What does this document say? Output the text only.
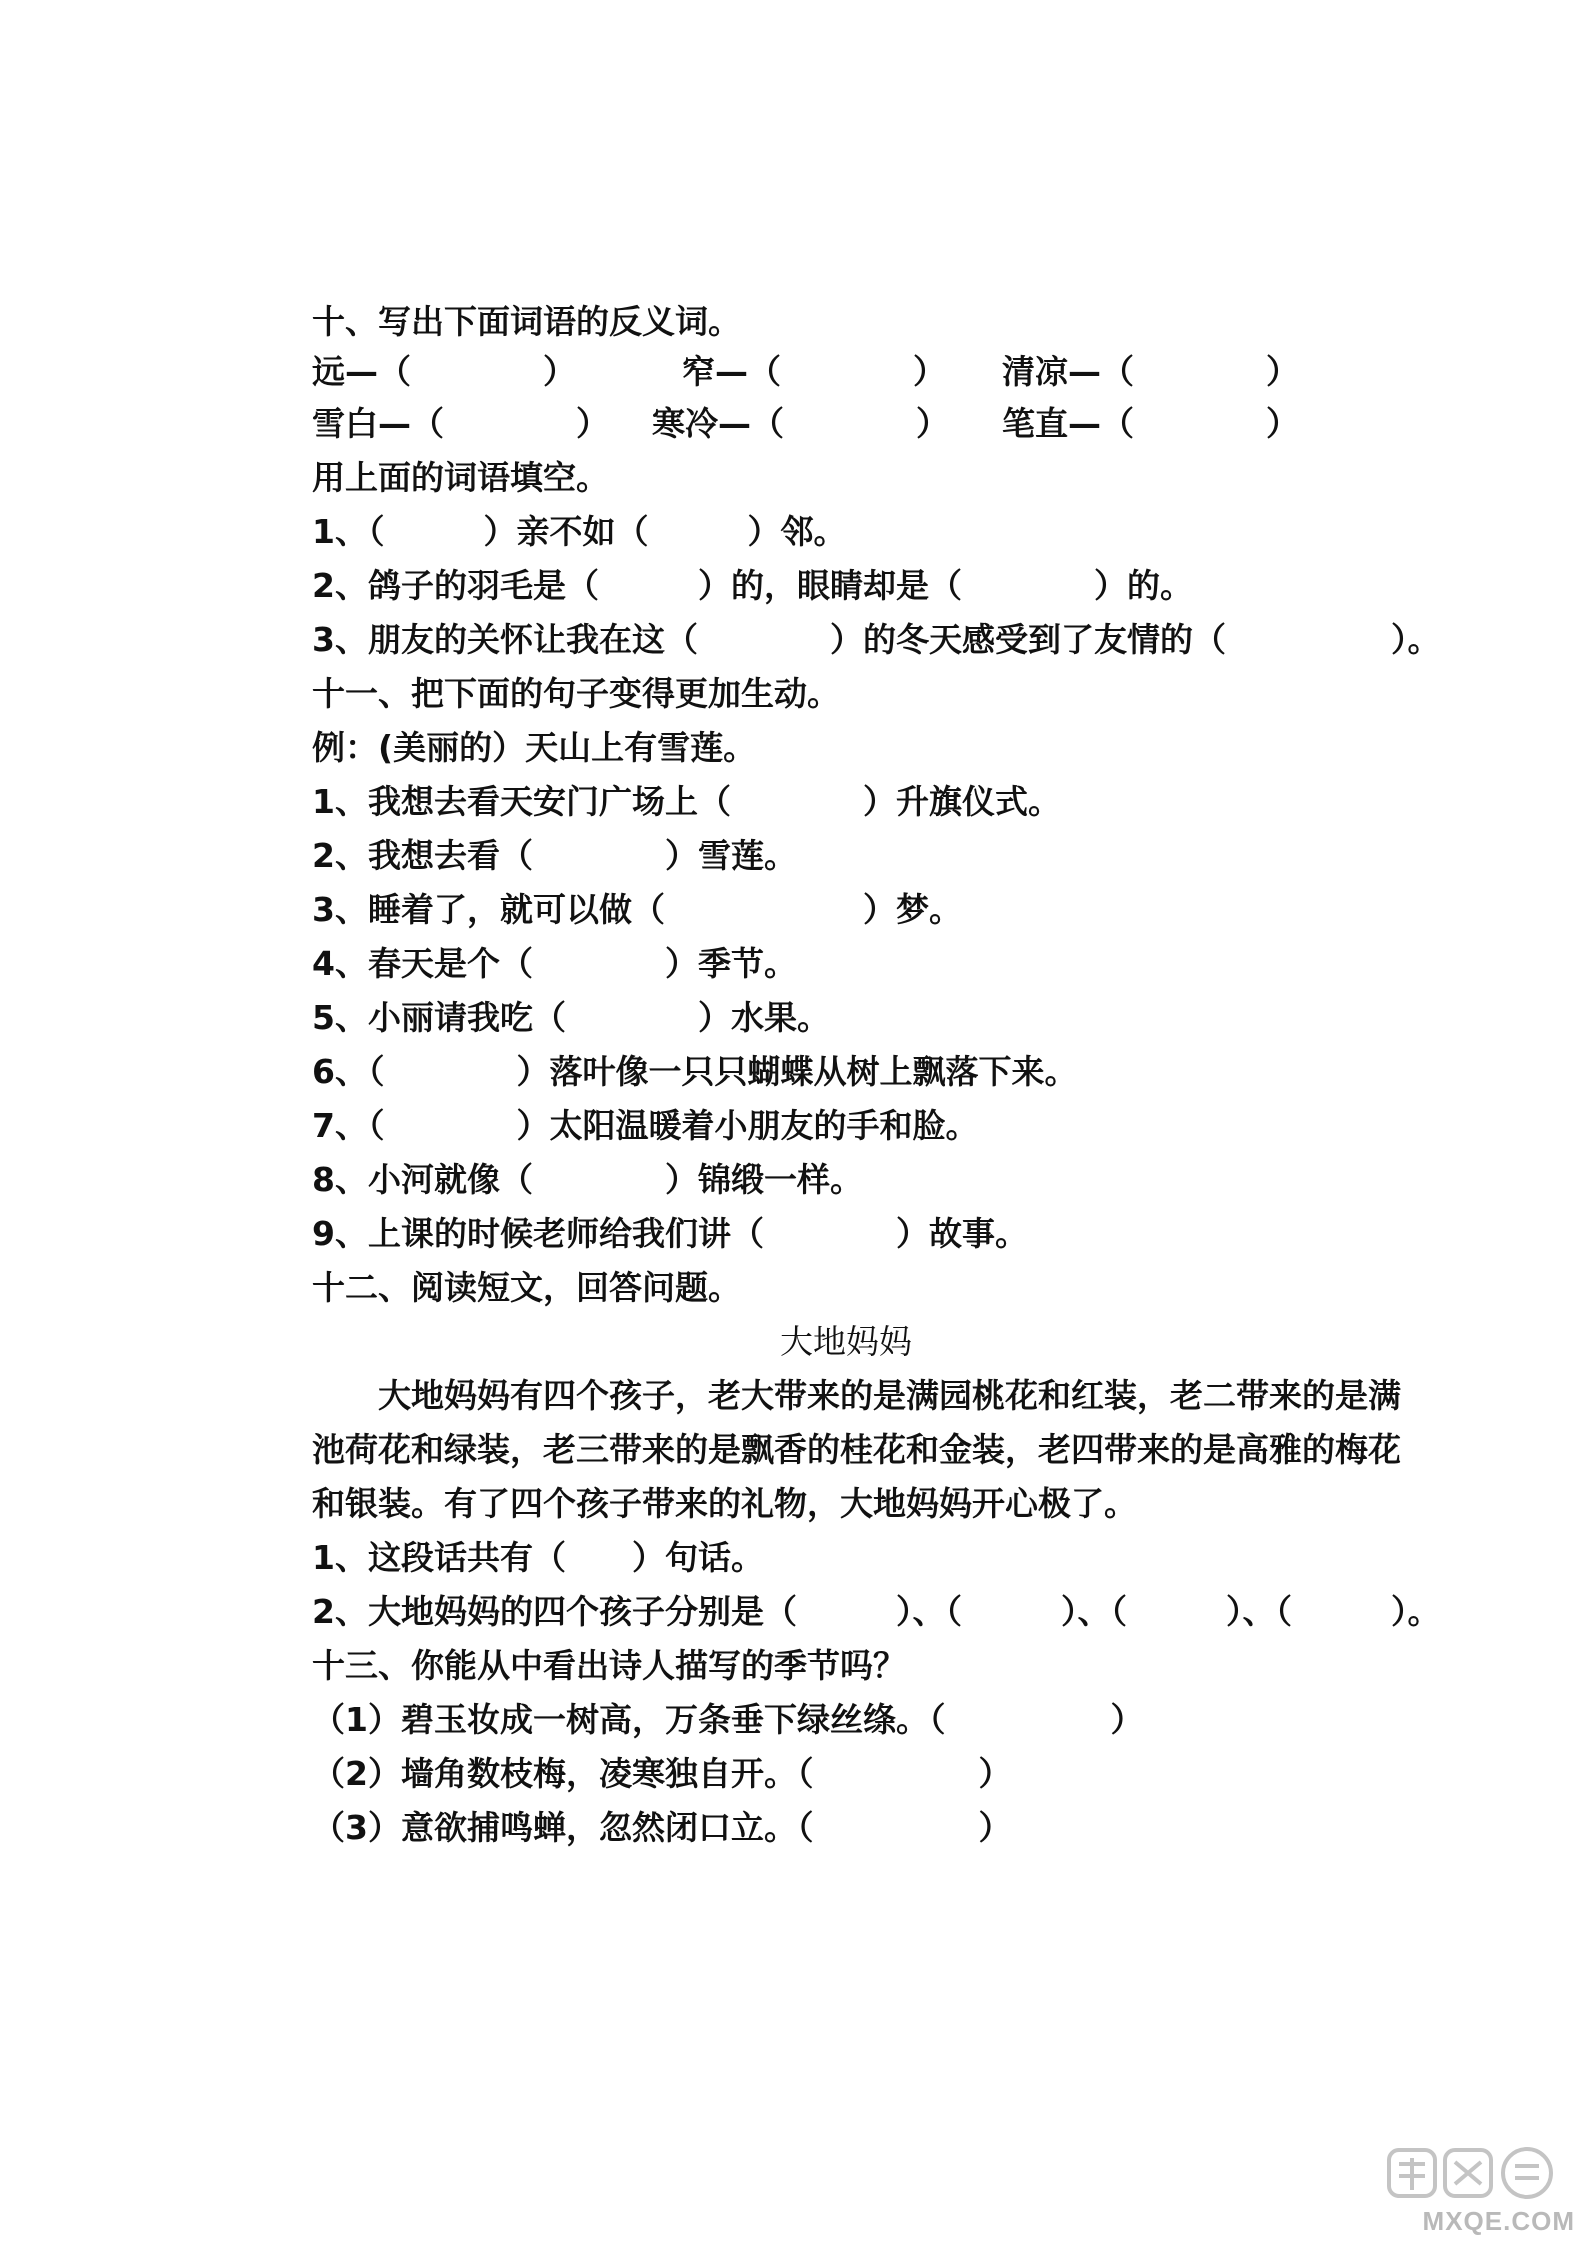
十、写出下面词语的反义词。

远—（　　　　）

	窄—（　　　　）

清凉—（　　　　）

雪白—（　　　　）

寒冷—（　　　　）

笔直—（　　　　）

用上面的词语填空。
1、（　　　）亲不如（　　　）邻。
2、鸽子的羽毛是（　　　）的，眼睛却是（　　　　）的。
3、朋友的关怀让我在这（　　　　）的冬天感受到了友情的（　　　　　）。
十一、把下面的句子变得更加生动。
例：(美丽的）天山上有雪莲。
1、我想去看天安门广场上（　　　　）升旗仪式。
2、我想去看（　　　　）雪莲。
3、睡着了，就可以做（　　　　　　）梦。
4、春天是个（　　　　）季节。
5、小丽请我吃（　　　　）水果。
6、（　　　　）落叶像一只只蝴蝶从树上飘落下来。
7、（　　　　）太阳温暖着小朋友的手和脸。
8、小河就像（　　　　）锦缎一样。
9、上课的时候老师给我们讲（　　　　）故事。
十二、阅读短文，回答问题。
大地妈妈
　　大地妈妈有四个孩子，老大带来的是满园桃花和红装，老二带来的是满
池荷花和绿装，老三带来的是飘香的桂花和金装，老四带来的是高雅的梅花
和银装。有了四个孩子带来的礼物，大地妈妈开心极了。
1、这段话共有（　　）句话。
2、大地妈妈的四个孩子分别是（　　　）、（　　　）、（　　　）、（　　　）。
十三、你能从中看出诗人描写的季节吗？
（1）碧玉妆成一树高，万条垂下绿丝绦。（　　　　　）
（2）墙角数枝梅，凌寒独自开。（　　　　　）
（3）意欲捕鸣蝉，忽然闭口立。（　　　　　）
MXQE.COM
